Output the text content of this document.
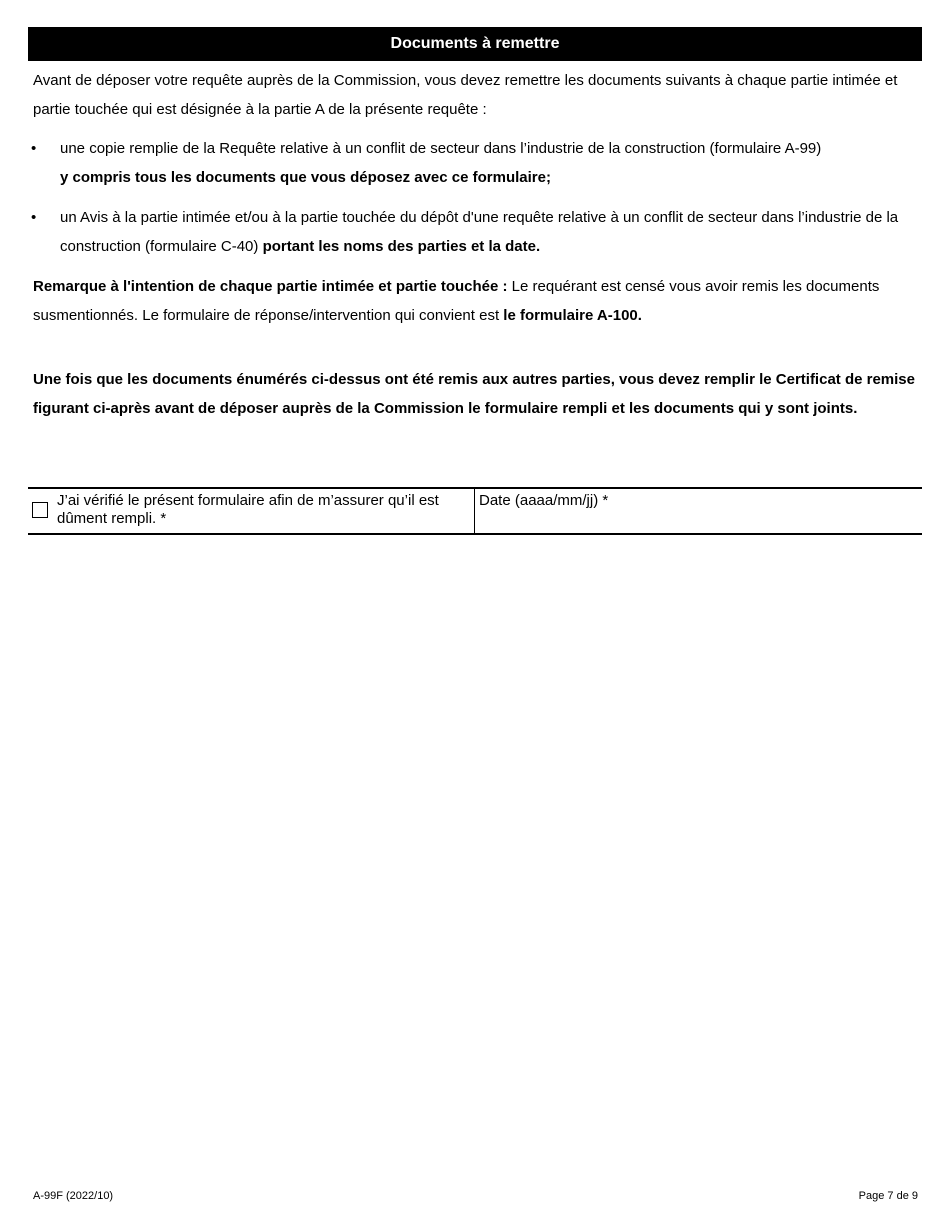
Documents à remettre

Avant de déposer votre requête auprès de la Commission, vous devez remettre les documents suivants à chaque partie intimée et partie touchée qui est désignée à la partie A de la présente requête :

• une copie remplie de la Requête relative à un conflit de secteur dans l’industrie de la construction (formulaire A-99)
y compris tous les documents que vous déposez avec ce formulaire;

• un Avis à la partie intimée et/ou à la partie touchée du dépôt d'une requête relative à un conflit de secteur dans l’industrie de la construction (formulaire C-40) portant les noms des parties et la date.

Remarque à l'intention de chaque partie intimée et partie touchée : Le requérant est censé vous avoir remis les documents susmentionnés. Le formulaire de réponse/intervention qui convient est le formulaire A-100.

Une fois que les documents énumérés ci-dessus ont été remis aux autres parties, vous devez remplir le Certificat de remise figurant ci-après avant de déposer auprès de la Commission le formulaire rempli et les documents qui y sont joints.

J’ai vérifié le présent formulaire afin de m’assurer qu’il est dûment rempli. *
Date (aaaa/mm/jj) *
A-99F (2022/10)	Page 7 de 9
